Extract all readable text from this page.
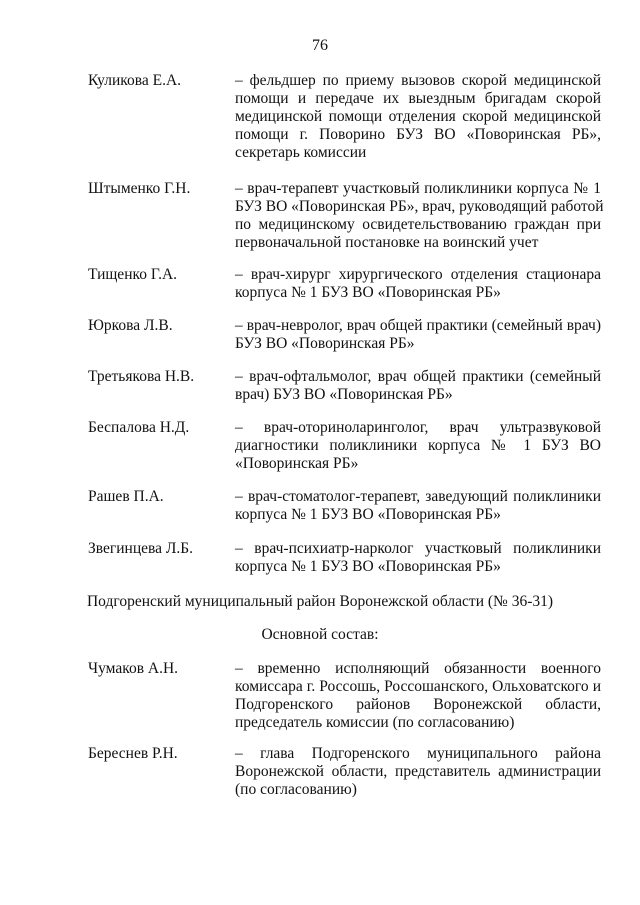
76
Куликова Е.А.	– фельдшер по приему вызовов скорой медицинской
помощи и передаче их выездным бригадам скорой
медицинской помощи отделения скорой медицинской
помощи г. Поворино БУЗ ВО «Поворинская РБ»,
секретарь комиссии
Штыменко Г.Н.	– врач-терапевт участковый поликлиники корпуса № 1
БУЗ ВО «Поворинская РБ», врач, руководящий работой
по медицинскому освидетельствованию граждан при
первоначальной постановке на воинский учет
Тищенко Г.А.	– врач-хирург хирургического отделения стационара
корпуса № 1 БУЗ ВО «Поворинская РБ»
Юркова Л.В.	– врач-невролог, врач общей практики (семейный врач)
БУЗ ВО «Поворинская РБ»
Третьякова Н.В.	– врач-офтальмолог, врач общей практики (семейный
врач) БУЗ ВО «Поворинская РБ»
Беспалова Н.Д.	– врач-оториноларинголог, врач ультразвуковой
диагностики поликлиники корпуса № 1 БУЗ ВО
«Поворинская РБ»
Рашев П.А.	– врач-стоматолог-терапевт, заведующий поликлиники
корпуса № 1 БУЗ ВО «Поворинская РБ»
Звегинцева Л.Б.	– врач-психиатр-нарколог участковый поликлиники
корпуса № 1 БУЗ ВО «Поворинская РБ»
Подгоренский муниципальный район Воронежской области (№ 36-31)
Основной состав:
Чумаков А.Н.	– временно исполняющий обязанности военного
комиссара г. Россошь, Россошанского, Ольховатского и
Подгоренского районов Воронежской области,
председатель комиссии (по согласованию)
Береснев Р.Н.	– глава Подгоренского муниципального района
Воронежской области, представитель администрации
(по согласованию)
